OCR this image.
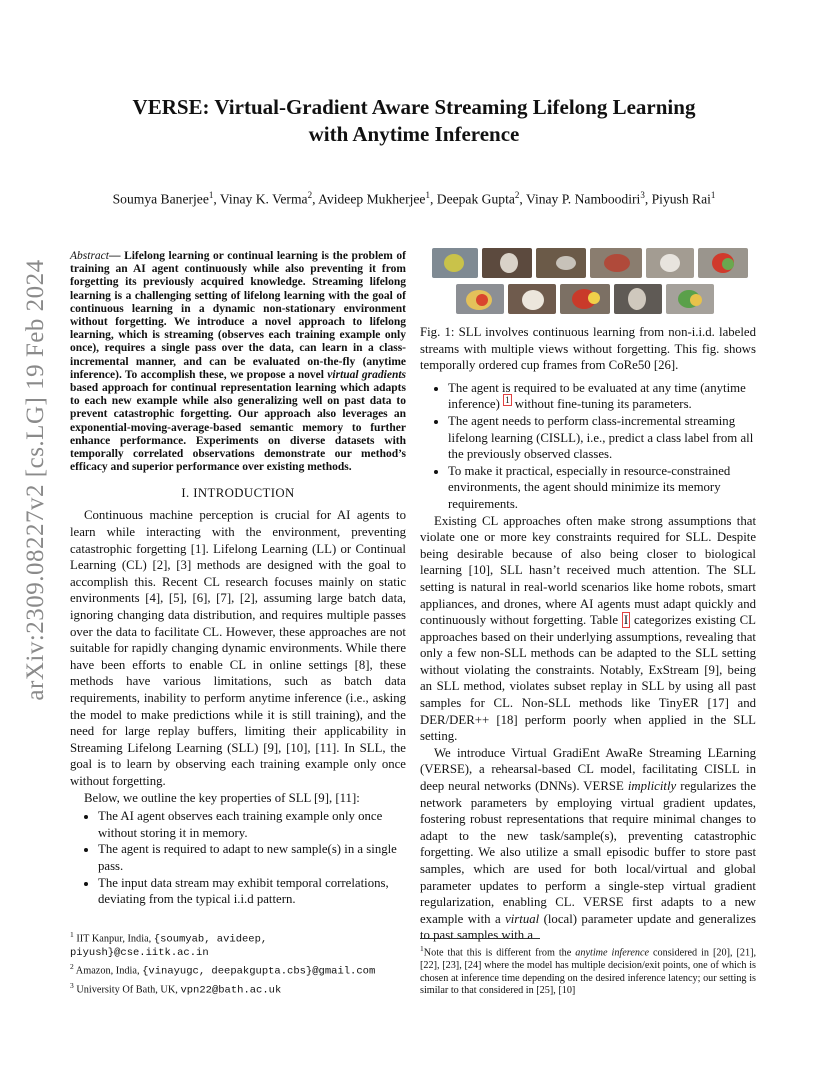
arXiv:2309.08227v2 [cs.LG] 19 Feb 2024
VERSE: Virtual-Gradient Aware Streaming Lifelong Learning
with Anytime Inference
Soumya Banerjee$^1$, Vinay K. Verma$^2$, Avideep Mukherjee$^1$, Deepak Gupta$^2$, Vinay P. Namboodiri$^3$, Piyush Rai$^1$

Abstract— Lifelong learning or continual learning is the problem of training an AI agent continuously while also preventing it from forgetting its previously acquired knowledge. Streaming lifelong learning is a challenging setting of lifelong learning with the goal of continuous learning in a dynamic non-stationary environment without forgetting. We introduce a novel approach to lifelong learning, which is streaming (observes each training example only once), requires a single pass over the data, can learn in a class-incremental manner, and can be evaluated on-the-fly (anytime inference). To accomplish these, we propose a novel virtual gradients based approach for continual representation learning which adapts to each new example while also generalizing well on past data to prevent catastrophic forgetting. Our approach also leverages an exponential-moving-average-based semantic memory to further enhance performance. Experiments on diverse datasets with temporally correlated observations demonstrate our method’s efficacy and superior performance over existing methods.

I. INTRODUCTION

Continuous machine perception is crucial for AI agents to learn while interacting with the environment, preventing catastrophic forgetting [1]. Lifelong Learning (LL) or Continual Learning (CL) [2], [3] methods are designed with the goal to accomplish this. Recent CL research focuses mainly on static environments [4], [5], [6], [7], [2], assuming large batch data, ignoring changing data distribution, and requires multiple passes over the data to facilitate CL. However, these approaches are not suitable for rapidly changing dynamic environments. While there have been efforts to enable CL in online settings [8], these methods have various limitations, such as batch data requirements, inability to perform anytime inference (i.e., asking the model to make predictions while it is still training), and the need for large replay buffers, limiting their applicability in Streaming Lifelong Learning (SLL) [9], [10], [11]. In SLL, the goal is to learn by observing each training example only once without forgetting.

Below, we outline the key properties of SLL [9], [11]:

• The AI agent observes each training example only once without storing it in memory.
• The agent is required to adapt to new sample(s) in a single pass.
• The input data stream may exhibit temporal correlations, deviating from the typical i.i.d pattern.
$^1$ IIT Kanpur, India, {soumyab, avideep, piyush}@cse.iitk.ac.in
$^2$ Amazon, India, {vinayugc, deepakgupta.cbs}@gmail.com
$^3$ University Of Bath, UK, vpn22@bath.ac.uk

Fig. 1: SLL involves continuous learning from non-i.i.d. labeled streams with multiple views without forgetting. This fig. shows temporally ordered cup frames from CoRe50 [26].

• The agent is required to be evaluated at any time (anytime inference) $^1$ without fine-tuning its parameters.
• The agent needs to perform class-incremental streaming lifelong learning (CISLL), i.e., predict a class label from all the previously observed classes.
• To make it practical, especially in resource-constrained environments, the agent should minimize its memory requirements.

Existing CL approaches often make strong assumptions that violate one or more key constraints required for SLL. Despite being desirable because of also being closer to biological learning [10], SLL hasn’t received much attention. The SLL setting is natural in real-world scenarios like home robots, smart appliances, and drones, where AI agents must adapt quickly and continuously without forgetting. Table I categorizes existing CL approaches based on their underlying assumptions, revealing that only a few non-SLL methods can be adapted to the SLL setting without violating the constraints. Notably, ExStream [9], being an SLL method, violates subset replay in SLL by using all past samples for CL. Non-SLL methods like TinyER [17] and DER/DER++ [18] perform poorly when applied in the SLL setting.

We introduce Virtual GradiEnt AwaRe Streaming LEarning (VERSE), a rehearsal-based CL model, facilitating CISLL in deep neural networks (DNNs). VERSE implicitly regularizes the network parameters by employing virtual gradient updates, fostering robust representations that require minimal changes to adapt to the new task/sample(s), preventing catastrophic forgetting. We also utilize a small episodic buffer to store past samples, which are used for both local/virtual and global parameter updates to perform a single-step virtual gradient regularization, enabling CL. VERSE first adapts to a new example with a virtual (local) parameter update and generalizes to past samples with a

$^1$Note that this is different from the anytime inference considered in [20], [21], [22], [23], [24] where the model has multiple decision/exit points, one of which is chosen at inference time depending on the desired inference latency; our setting is similar to that considered in [25], [10]
